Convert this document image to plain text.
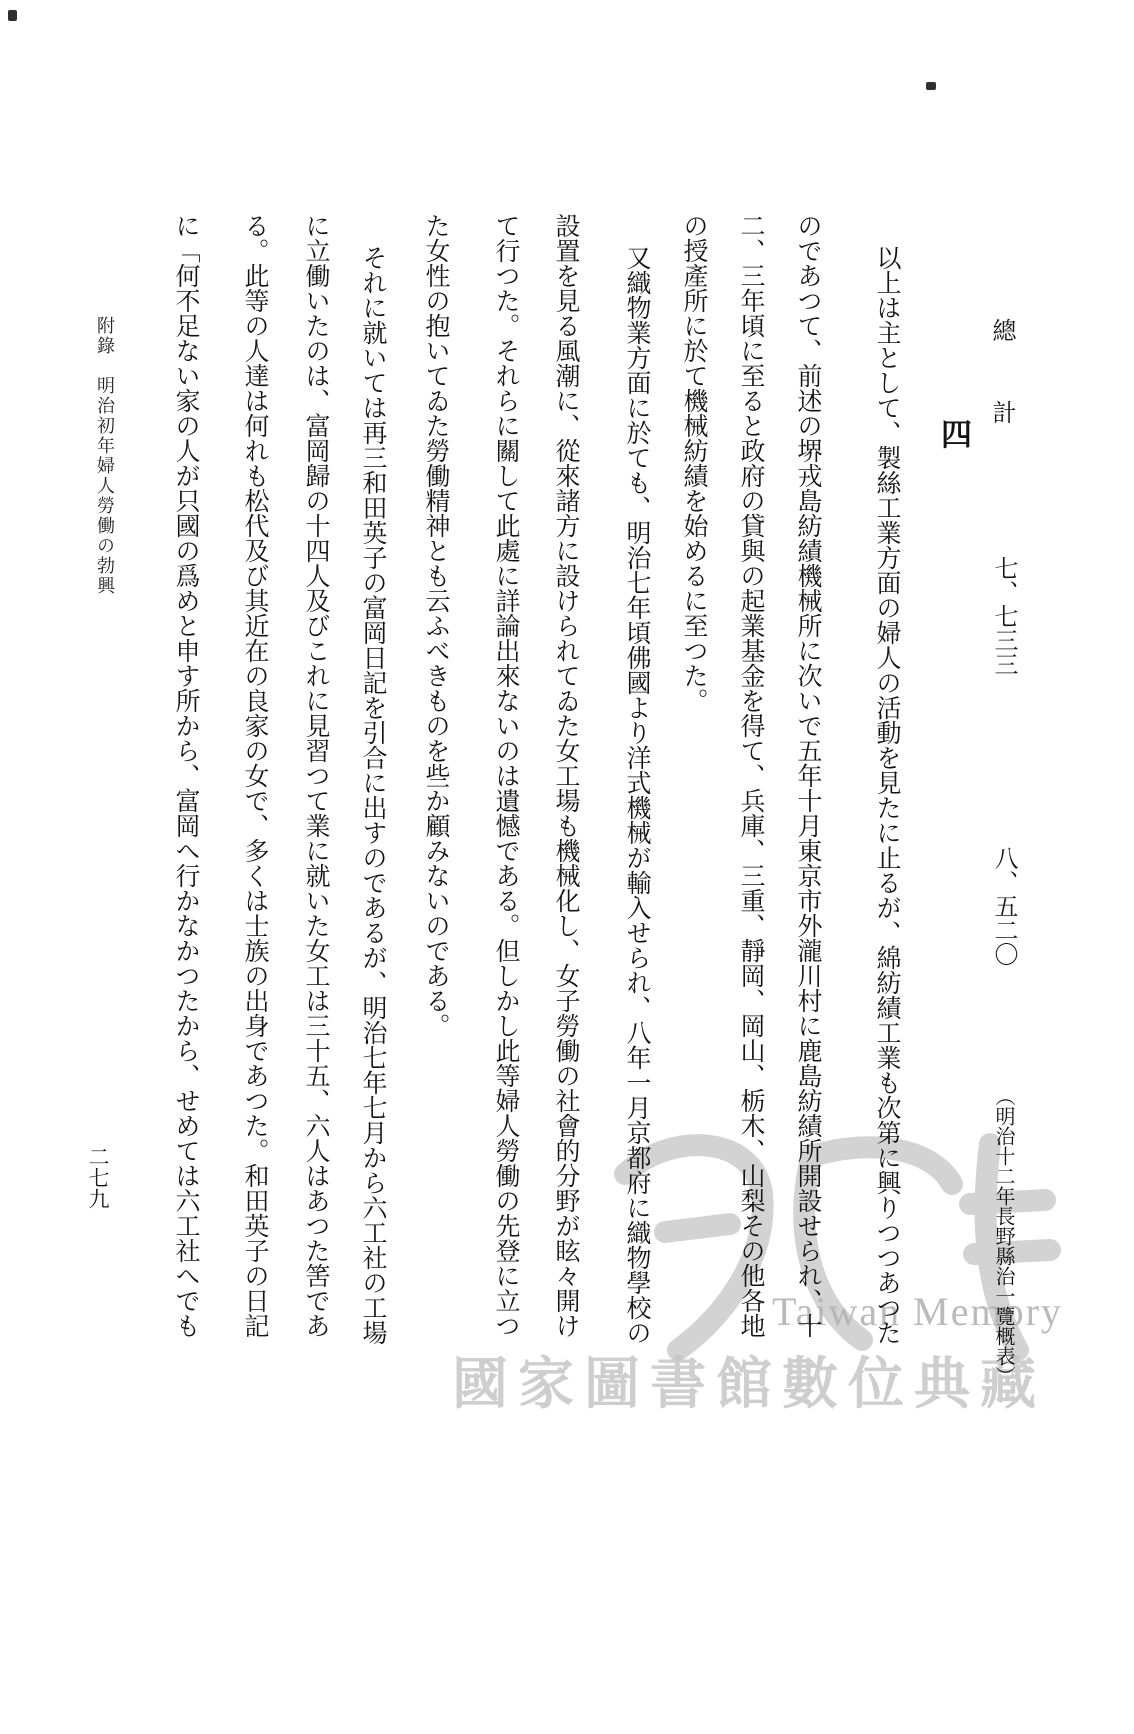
Taiwan Memory
國家圖書館數位典藏
總計
七、七三三
八、五二〇
（明治十二年長野縣治一覽概表）
四
以上は主として、製絲工業方面の婦人の活動を見たに止るが、綿紡績工業も次第に興りつつあつた
のであつて、前述の堺戎島紡績機械所に次いで五年十月東京市外瀧川村に鹿島紡績所開設せられ、十
二、三年頃に至ると政府の貸與の起業基金を得て、兵庫、三重、靜岡、岡山、栃木、山梨その他各地
の授產所に於て機械紡績を始めるに至つた。
又織物業方面に於ても、明治七年頃佛國より洋式機械が輸入せられ、八年一月京都府に織物學校の
設置を見る風潮に、從來諸方に設けられてゐた女工場も機械化し、女子勞働の社會的分野が眩々開け
て行つた。それらに關して此處に詳論出來ないのは遺憾である。但しかし此等婦人勞働の先登に立つ
た女性の抱いてゐた勞働精神とも云ふべきものを些か顧みないのである。
それに就いては再三和田英子の富岡日記を引合に出すのであるが、明治七年七月から六工社の工場
に立働いたのは、富岡歸の十四人及びこれに見習つて業に就いた女工は三十五、六人はあつた筈であ
る。此等の人達は何れも松代及び其近在の良家の女で、多くは士族の出身であつた。和田英子の日記
に「何不足ない家の人が只國の爲めと申す所から、富岡へ行かなかつたから、せめては六工社へでも
附錄　明治初年婦人勞働の勃興
二七九
